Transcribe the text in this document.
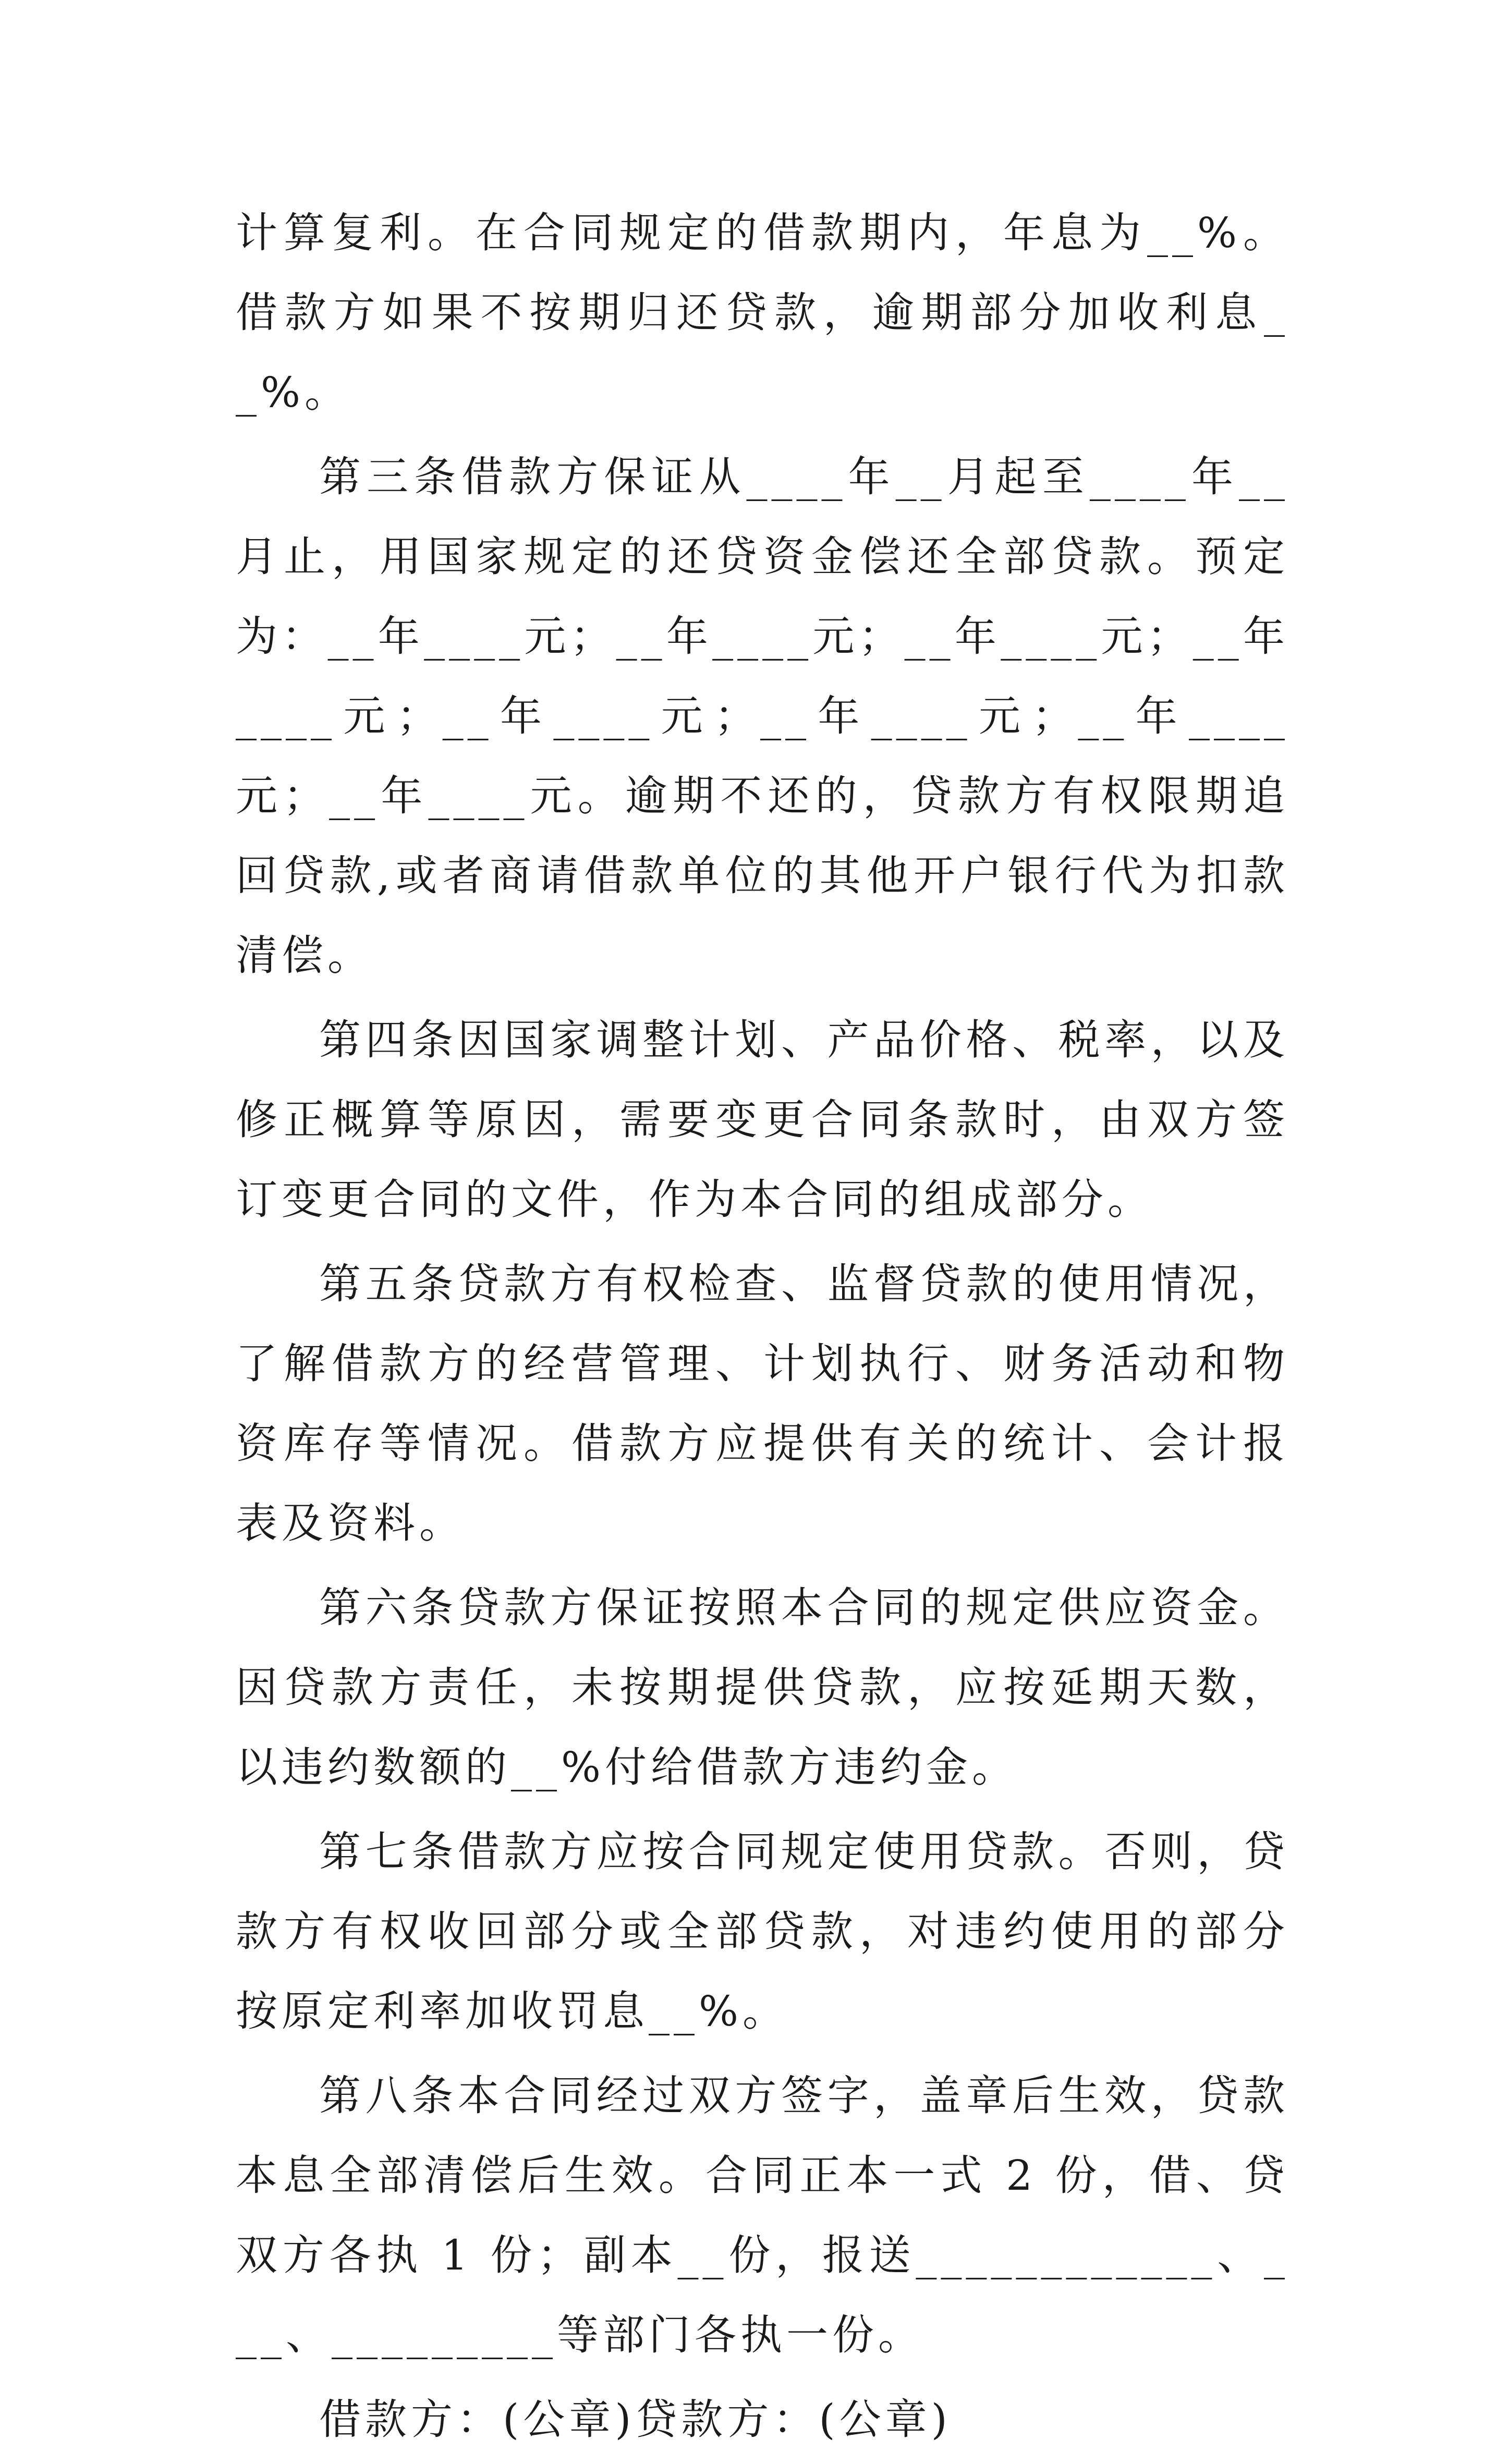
计算复利。在合同规定的借款期内，年息为__%。借款方如果不按期归还贷款，逾期部分加收利息__%。

第三条借款方保证从____年__月起至____年__月止，用国家规定的还贷资金偿还全部贷款。预定为：__年____元；__年____元；__年____元；__年____元；__年____元；__年____元；__年____元；__年____元。逾期不还的，贷款方有权限期追回贷款,或者商请借款单位的其他开户银行代为扣款清偿。

第四条因国家调整计划、产品价格、税率，以及修正概算等原因，需要变更合同条款时，由双方签订变更合同的文件，作为本合同的组成部分。

第五条贷款方有权检查、监督贷款的使用情况，了解借款方的经营管理、计划执行、财务活动和物资库存等情况。借款方应提供有关的统计、会计报表及资料。

第六条贷款方保证按照本合同的规定供应资金。因贷款方责任，未按期提供贷款，应按延期天数，以违约数额的__%付给借款方违约金。

第七条借款方应按合同规定使用贷款。否则，贷款方有权收回部分或全部贷款，对违约使用的部分按原定利率加收罚息__%。

第八条本合同经过双方签字，盖章后生效，贷款本息全部清偿后生效。合同正本一式 2 份，借、贷双方各执 1 份；副本__份，报送____________、___、_________等部门各执一份。

借款方：(公章)贷款方：(公章)
